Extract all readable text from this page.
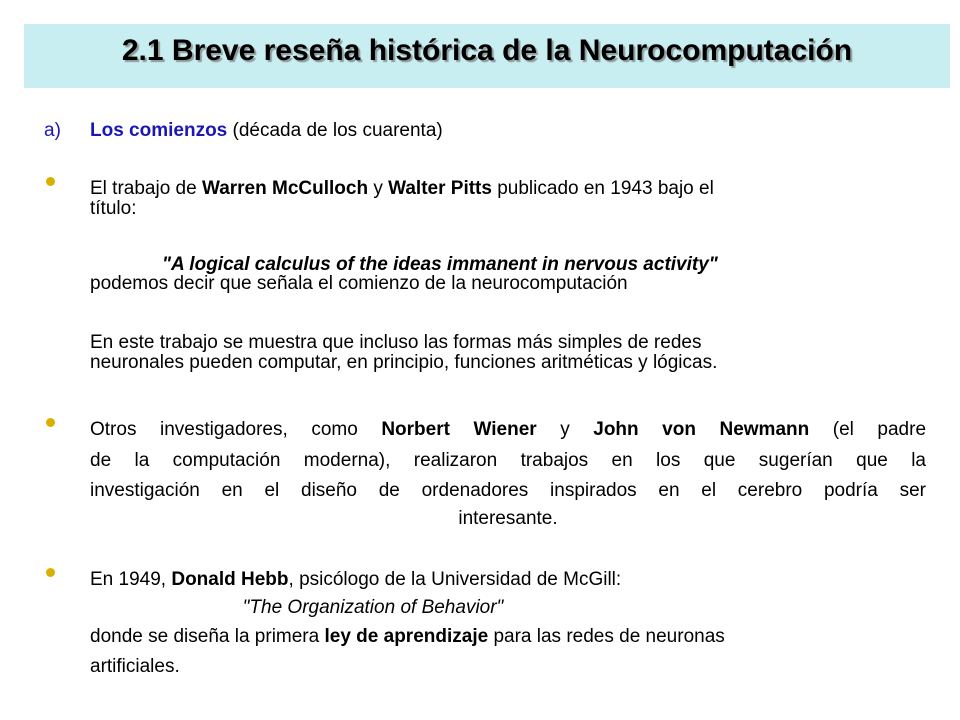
2.1 Breve reseña histórica de la Neurocomputación
a) Los comienzos (década de los cuarenta)
El trabajo de Warren McCulloch y Walter Pitts publicado en 1943 bajo el
título:
"A logical calculus of the ideas immanent in nervous activity"
podemos decir que señala el comienzo de la neurocomputación
En este trabajo se muestra que incluso las formas más simples de redes
neuronales pueden computar, en principio, funciones aritméticas y lógicas.
Otros investigadores, como Norbert Wiener y John von Newmann (el padre
de la computación moderna), realizaron trabajos en los que sugerían que la
investigación en el diseño de ordenadores inspirados en el cerebro podría ser
interesante.
En 1949, Donald Hebb, psicólogo de la Universidad de McGill:
"The Organization of Behavior"
donde se diseña la primera ley de aprendizaje para las redes de neuronas
artificiales.
